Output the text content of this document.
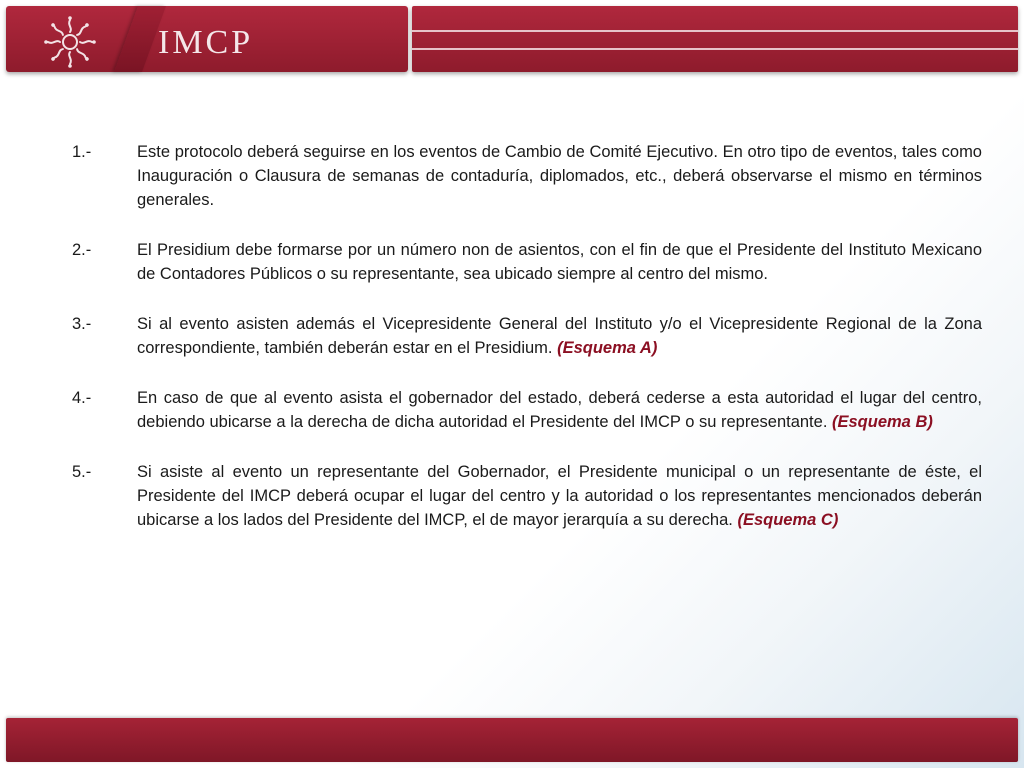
IMCP
1.-	Este protocolo deberá seguirse en los eventos de Cambio de Comité Ejecutivo. En otro tipo de eventos, tales como Inauguración o Clausura de semanas de contaduría, diplomados, etc., deberá observarse el mismo en términos generales.
2.-	El Presidium debe formarse por un número non de asientos, con el fin de que el Presidente del Instituto Mexicano de Contadores Públicos o su representante, sea ubicado siempre al centro del mismo.
3.-	Si al evento asisten además el Vicepresidente General del Instituto y/o el Vicepresidente Regional de la Zona correspondiente, también deberán estar en el Presidium. (Esquema A)
4.-	En caso de que al evento asista el gobernador del estado, deberá cederse a esta autoridad el lugar del centro, debiendo ubicarse a la derecha de dicha autoridad el Presidente del IMCP o su representante. (Esquema B)
5.-	Si asiste al evento un representante del Gobernador, el Presidente municipal o un representante de éste, el Presidente del IMCP deberá ocupar el lugar del centro y la autoridad o los representantes mencionados deberán ubicarse a los lados del Presidente del IMCP, el de mayor jerarquía a su derecha. (Esquema C)
